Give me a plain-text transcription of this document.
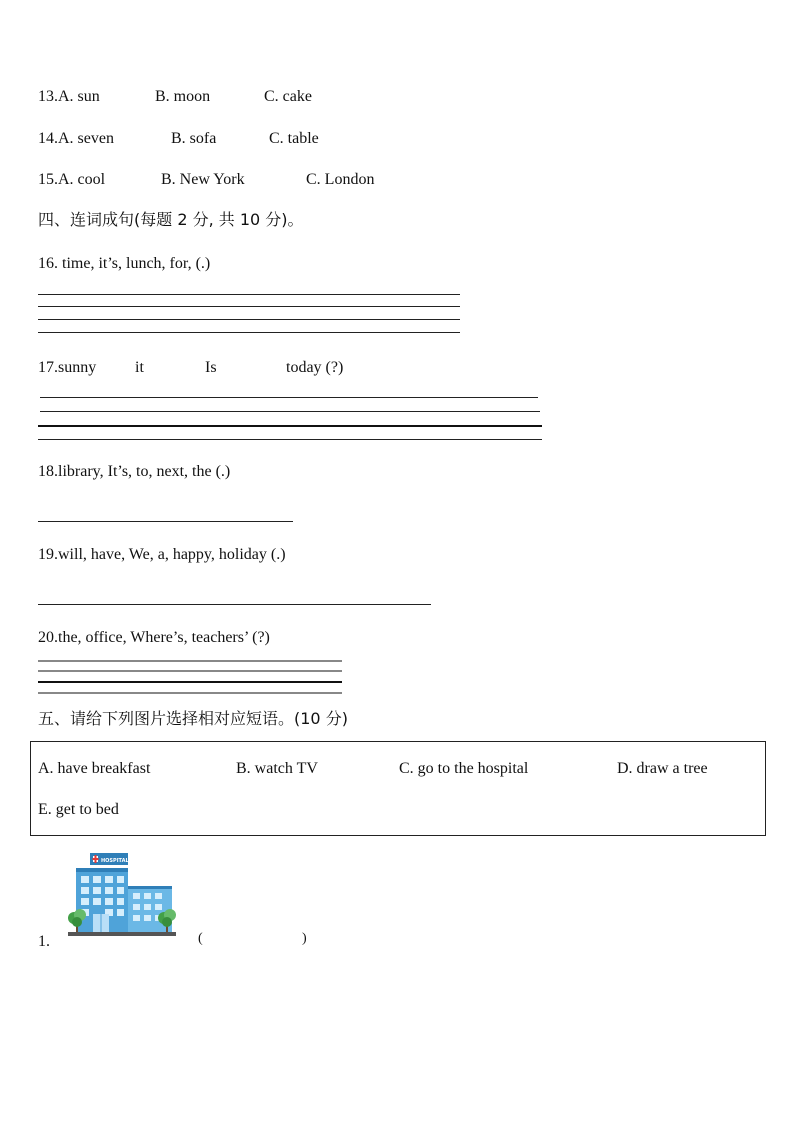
13.A. sun	B. moon	C. cake
14.A. seven	B. sofa	C. table
15.A. cool	B. New York	C. London
四、连词成句(每题 2 分, 共 10 分)。
16. time, it’s, lunch, for, (.)
17.sunny it	Is	today (?)
18.library, It’s, to, next, the (.)
19.will, have, We, a, happy, holiday (.)
20.the, office, Where’s, teachers’ (?)
五、请给下列图片选择相对应短语。(10 分)
A. have breakfast	B. watch TV	C. go to the hospital	D. draw a tree
E. get to bed
1.
HOSPITAL
(	)
